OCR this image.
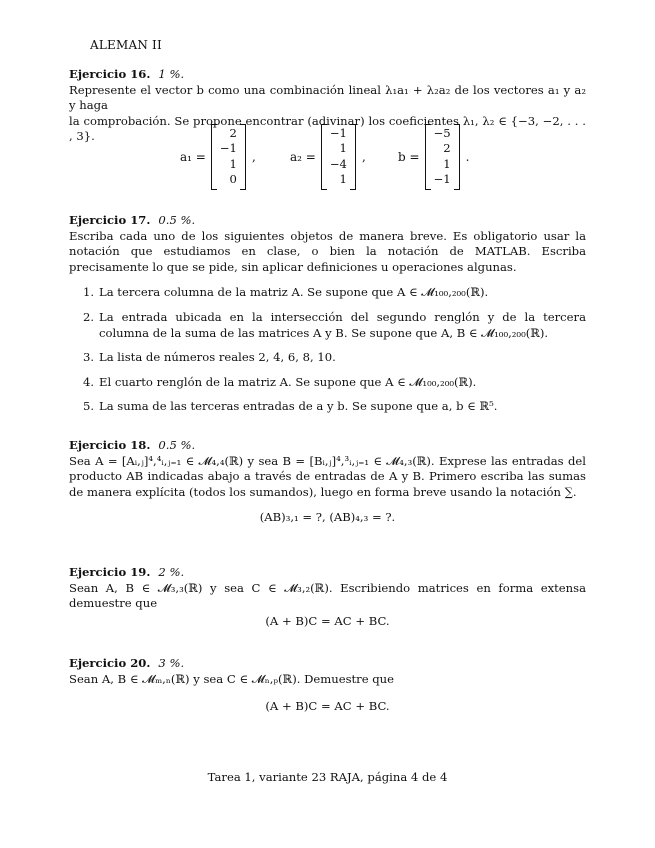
ALEMAN II
Ejercicio 16. 1 %.
Represente el vector b como una combinación lineal λ₁a₁ + λ₂a₂ de los vectores a₁ y a₂ y haga
la comprobación. Se propone encontrar (adivinar) los coeficientes λ₁, λ₂ ∈ {−3, −2, . . . , 3}.
a₁ =
2
−1
1
0
,	a₂ =
−1
1
−4
1
,	b =
−5
2
1
−1
.
Ejercicio 17. 0.5 %.
Escriba cada uno de los siguientes objetos de manera breve. Es obligatorio usar la notación que estudiamos en clase, o bien la notación de MATLAB. Escriba precisamente lo que se pide, sin aplicar definiciones u operaciones algunas.
1. La tercera columna de la matriz A. Se supone que A ∈ 𝓜₁₀₀,₂₀₀(ℝ).
2. La entrada ubicada en la intersección del segundo renglón y de la tercera columna de la suma de las matrices A y B. Se supone que A, B ∈ 𝓜₁₀₀,₂₀₀(ℝ).
3. La lista de números reales 2, 4, 6, 8, 10.
4. El cuarto renglón de la matriz A. Se supone que A ∈ 𝓜₁₀₀,₂₀₀(ℝ).
5. La suma de las terceras entradas de a y b. Se supone que a, b ∈ ℝ⁵.
Ejercicio 18. 0.5 %.
Sea A = [Aᵢ,ⱼ]⁴,⁴ᵢ,ⱼ₌₁ ∈ 𝓜₄,₄(ℝ) y sea B = [Bᵢ,ⱼ]⁴,³ᵢ,ⱼ₌₁ ∈ 𝓜₄,₃(ℝ). Exprese las entradas del producto AB indicadas abajo a través de entradas de A y B. Primero escriba las sumas de manera explícita (todos los sumandos), luego en forma breve usando la notación ∑.
(AB)₃,₁ = ?, (AB)₄,₃ = ?.
Ejercicio 19. 2 %.
Sean A, B ∈ 𝓜₃,₃(ℝ) y sea C ∈ 𝓜₃,₂(ℝ). Escribiendo matrices en forma extensa demuestre que
(A + B)C = AC + BC.
Ejercicio 20. 3 %.
Sean A, B ∈ 𝓜ₘ,ₙ(ℝ) y sea C ∈ 𝓜ₙ,ₚ(ℝ). Demuestre que
(A + B)C = AC + BC.
Tarea 1, variante 23 RAJA, página 4 de 4
